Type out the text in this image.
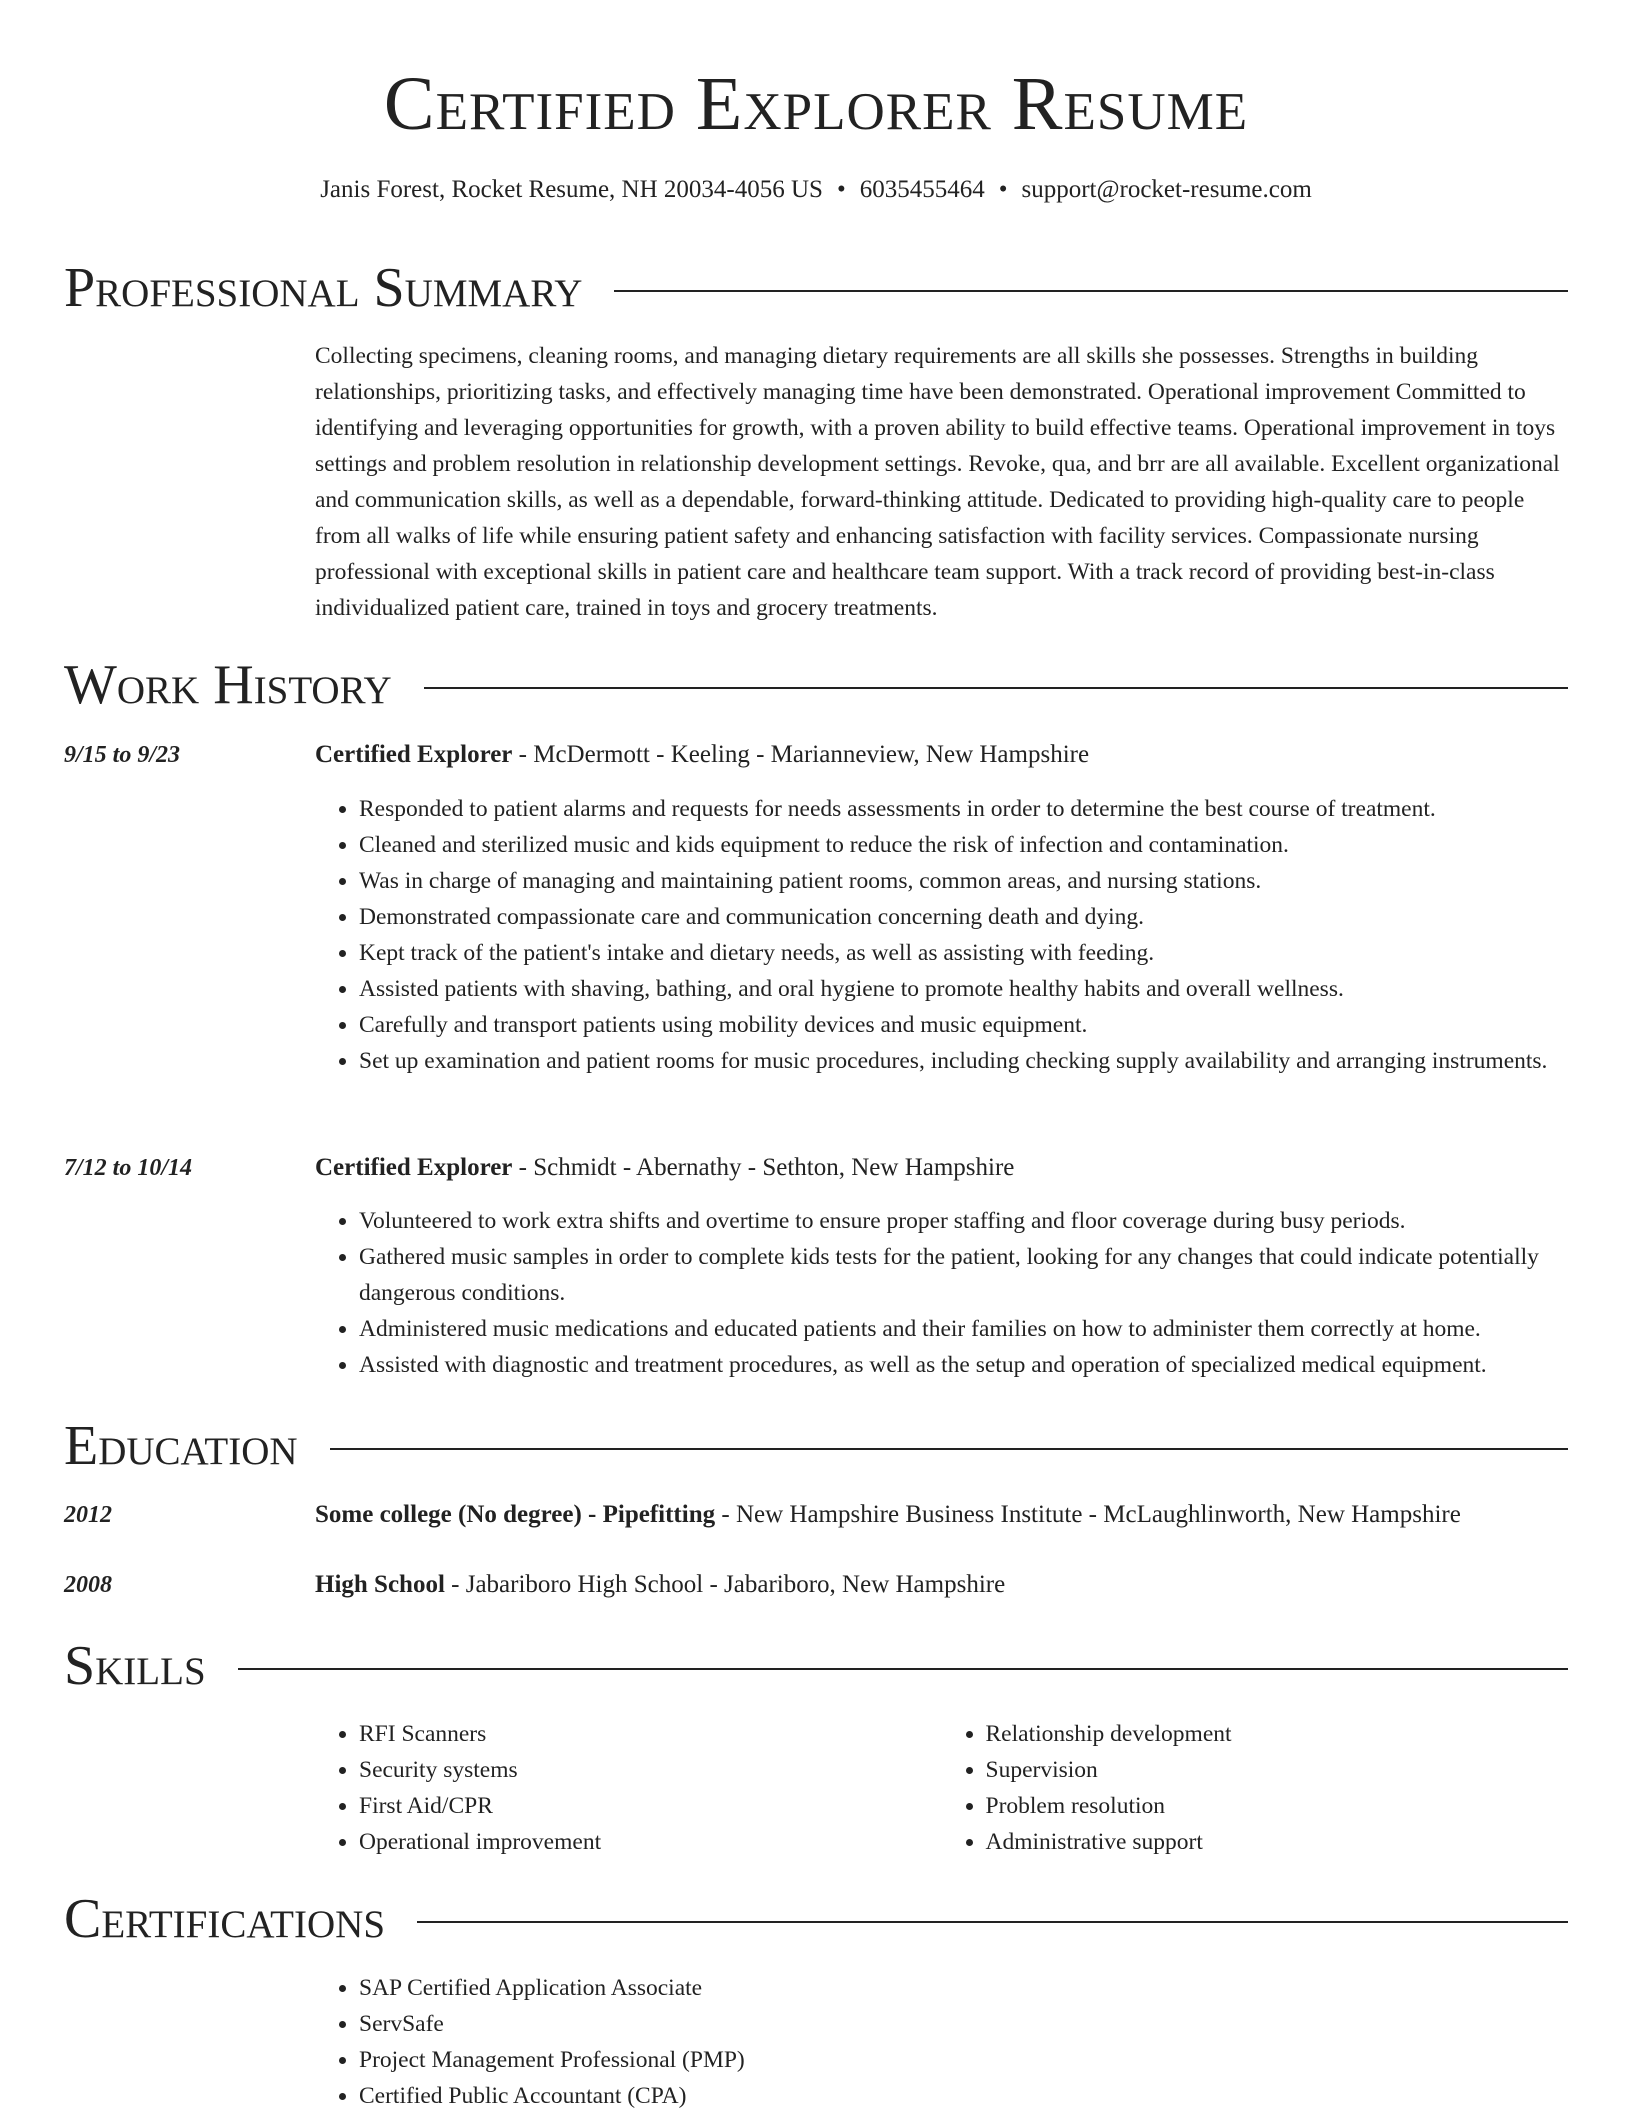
Certified Explorer Resume
Janis Forest, Rocket Resume, NH 20034-4056 US • 6035455464 • support@rocket-resume.com
Professional Summary

Collecting specimens, cleaning rooms, and managing dietary requirements are all skills she possesses. Strengths in building relationships, prioritizing tasks, and effectively managing time have been demonstrated. Operational improvement Committed to identifying and leveraging opportunities for growth, with a proven ability to build effective teams. Operational improvement in toys settings and problem resolution in relationship development settings. Revoke, qua, and brr are all available. Excellent organizational and communication skills, as well as a dependable, forward-thinking attitude. Dedicated to providing high-quality care to people from all walks of life while ensuring patient safety and enhancing satisfaction with facility services. Compassionate nursing professional with exceptional skills in patient care and healthcare team support. With a track record of providing best-in-class individualized patient care, trained in toys and grocery treatments.

Work History
9/15 to 9/23	Certified Explorer - McDermott - Keeling - Marianneview, New Hampshire
• Responded to patient alarms and requests for needs assessments in order to determine the best course of treatment.
• Cleaned and sterilized music and kids equipment to reduce the risk of infection and contamination.
• Was in charge of managing and maintaining patient rooms, common areas, and nursing stations.
• Demonstrated compassionate care and communication concerning death and dying.
• Kept track of the patient's intake and dietary needs, as well as assisting with feeding.
• Assisted patients with shaving, bathing, and oral hygiene to promote healthy habits and overall wellness.
• Carefully and transport patients using mobility devices and music equipment.
• Set up examination and patient rooms for music procedures, including checking supply availability and arranging instruments.
7/12 to 10/14	Certified Explorer - Schmidt - Abernathy - Sethton, New Hampshire
• Volunteered to work extra shifts and overtime to ensure proper staffing and floor coverage during busy periods.
• Gathered music samples in order to complete kids tests for the patient, looking for any changes that could indicate potentially dangerous conditions.
• Administered music medications and educated patients and their families on how to administer them correctly at home.
• Assisted with diagnostic and treatment procedures, as well as the setup and operation of specialized medical equipment.
Education
2012	Some college (No degree) - Pipefitting - New Hampshire Business Institute - McLaughlinworth, New Hampshire
2008	High School - Jabariboro High School - Jabariboro, New Hampshire
Skills
• RFI Scanners
• Security systems
• First Aid/CPR
• Operational improvement
• Relationship development
• Supervision
• Problem resolution
• Administrative support
Certifications
• SAP Certified Application Associate
• ServSafe
• Project Management Professional (PMP)
• Certified Public Accountant (CPA)
